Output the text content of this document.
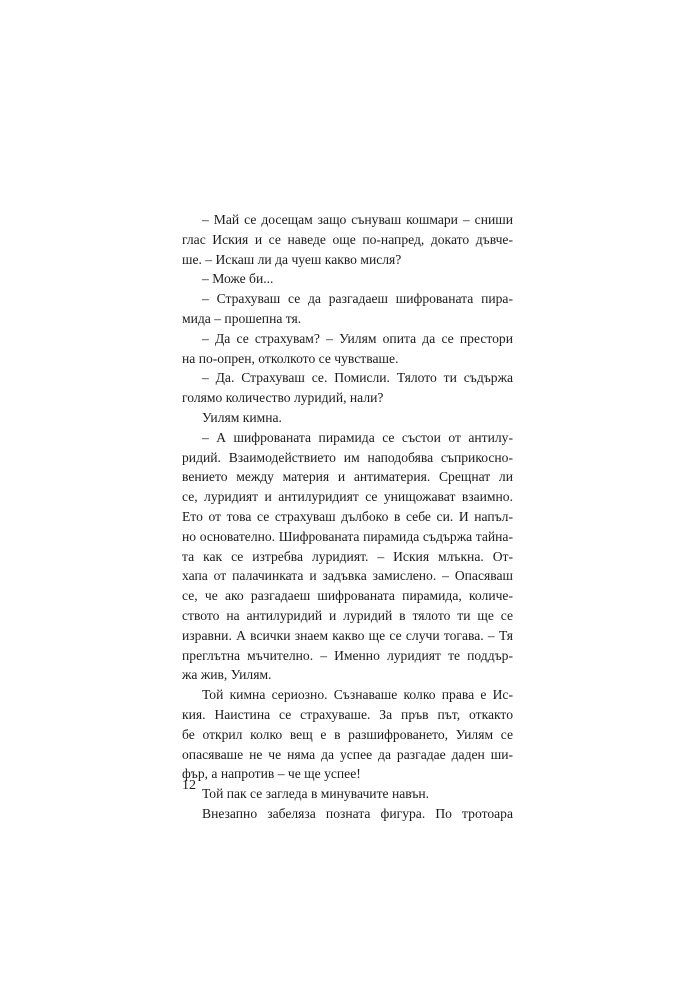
– Май се досещам защо сънуваш кошмари – сниши
глас Иския и се наведе още по-напред, докато дъвче-
ше. – Искаш ли да чуеш какво мисля?
– Може би...
– Страхуваш се да разгадаеш шифрованата пира-
мида – прошепна тя.
– Да се страхувам? – Уилям опита да се престори
на по-опрен, отколкото се чувстваше.
– Да. Страхуваш се. Помисли. Тялото ти съдържа
голямо количество луридий, нали?
Уилям кимна.
– А шифрованата пирамида се състои от антилу-
ридий. Взаимодействието им наподобява съприкосно-
вението между материя и антиматерия. Срещнат ли
се, луридият и антилуридият се унищожават взаимно.
Ето от това се страхуваш дълбоко в себе си. И напъл-
но основателно. Шифрованата пирамида съдържа тайна-
та как се изтребва луридият. – Иския млъкна. От-
хапа от палачинката и задъвка замислено. – Опасяваш
се, че ако разгадаеш шифрованата пирамида, количе-
ството на антилуридий и луридий в тялото ти ще се
изравни. А всички знаем какво ще се случи тогава. – Тя
преглътна мъчително. – Именно луридият те поддър-
жа жив, Уилям.
Той кимна сериозно. Съзнаваше колко права е Ис-
кия. Наистина се страхуваше. За пръв път, откакто
бе открил колко вещ е в разшифроването, Уилям се
опасяваше не че няма да успее да разгадае даден ши-
фър, а напротив – че ще успее!
Той пак се загледа в минувачите навън.
Внезапно забеляза позната фигура. По тротоара
12
